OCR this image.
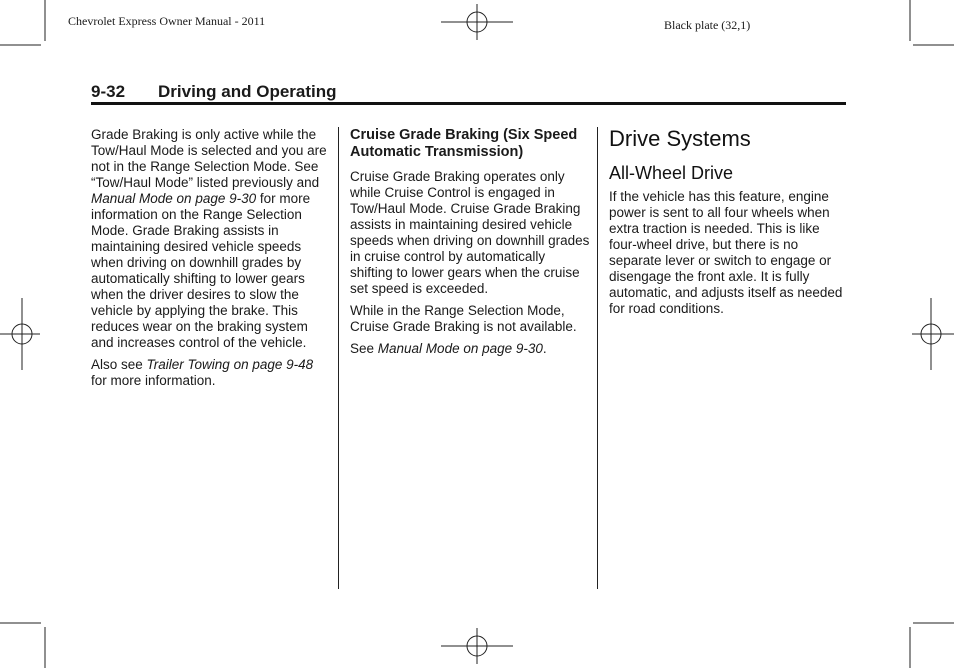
Chevrolet Express Owner Manual - 2011	Black plate (32,1)
9-32 Driving and Operating

Grade Braking is only active while the Tow/Haul Mode is selected and you are not in the Range Selection Mode. See “Tow/Haul Mode” listed previously and Manual Mode on page 9-30 for more information on the Range Selection Mode. Grade Braking assists in maintaining desired vehicle speeds when driving on downhill grades by automatically shifting to lower gears when the driver desires to slow the vehicle by applying the brake. This reduces wear on the braking system and increases control of the vehicle.

Also see Trailer Towing on page 9-48 for more information.

Cruise Grade Braking (Six Speed Automatic Transmission)

Cruise Grade Braking operates only while Cruise Control is engaged in Tow/Haul Mode. Cruise Grade Braking assists in maintaining desired vehicle speeds when driving on downhill grades in cruise control by automatically shifting to lower gears when the cruise set speed is exceeded.

While in the Range Selection Mode, Cruise Grade Braking is not available.

See Manual Mode on page 9-30.

Drive Systems
All-Wheel Drive

If the vehicle has this feature, engine power is sent to all four wheels when extra traction is needed. This is like four-wheel drive, but there is no separate lever or switch to engage or disengage the front axle. It is fully automatic, and adjusts itself as needed for road conditions.
